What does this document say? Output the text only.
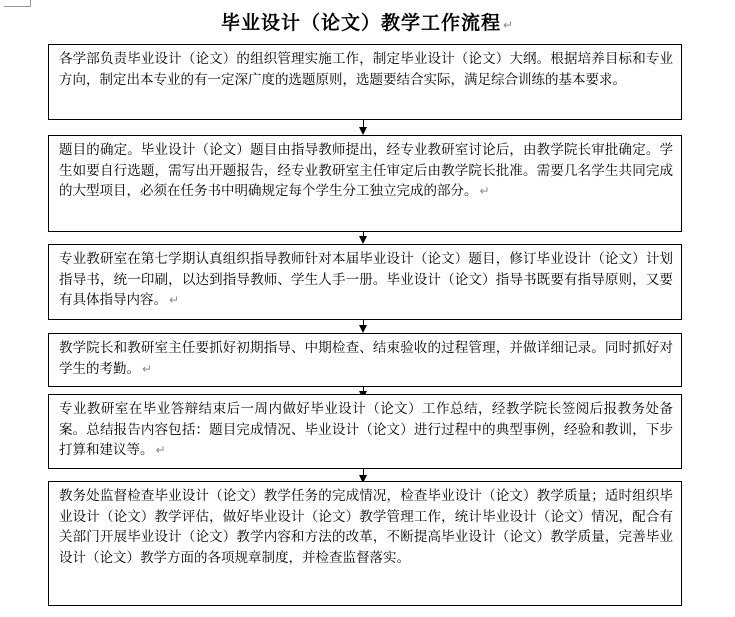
毕业设计（论文）教学工作流程 ↵
各学部负责毕业设计（论文）的组织管理实施工作，制定毕业设计（论文）大纲。根据培养目标和专业方向，制定出本专业的有一定深广度的选题原则，选题要结合实际，满足综合训练的基本要求。
题目的确定。毕业设计（论文）题目由指导教师提出，经专业教研室讨论后，由教学院长审批确定。学生如要自行选题，需写出开题报告，经专业教研室主任审定后由教学院长批准。需要几名学生共同完成的大型项目，必须在任务书中明确规定每个学生分工独立完成的部分。 ↵
专业教研室在第七学期认真组织指导教师针对本届毕业设计（论文）题目，修订毕业设计（论文）计划指导书，统一印刷，以达到指导教师、学生人手一册。毕业设计（论文）指导书既要有指导原则，又要有具体指导内容。 ↵
教学院长和教研室主任要抓好初期指导、中期检查、结束验收的过程管理，并做详细记录。同时抓好对学生的考勤。 ↵
专业教研室在毕业答辩结束后一周内做好毕业设计（论文）工作总结，经教学院长签阅后报教务处备案。总结报告内容包括：题目完成情况、毕业设计（论文）进行过程中的典型事例，经验和教训，下步打算和建议等。 ↵
教务处监督检查毕业设计（论文）教学任务的完成情况，检查毕业设计（论文）教学质量；适时组织毕业设计（论文）教学评估，做好毕业设计（论文）教学管理工作，统计毕业设计（论文）情况，配合有关部门开展毕业设计（论文）教学内容和方法的改革，不断提高毕业设计（论文）教学质量，完善毕业设计（论文）教学方面的各项规章制度，并检查监督落实。
